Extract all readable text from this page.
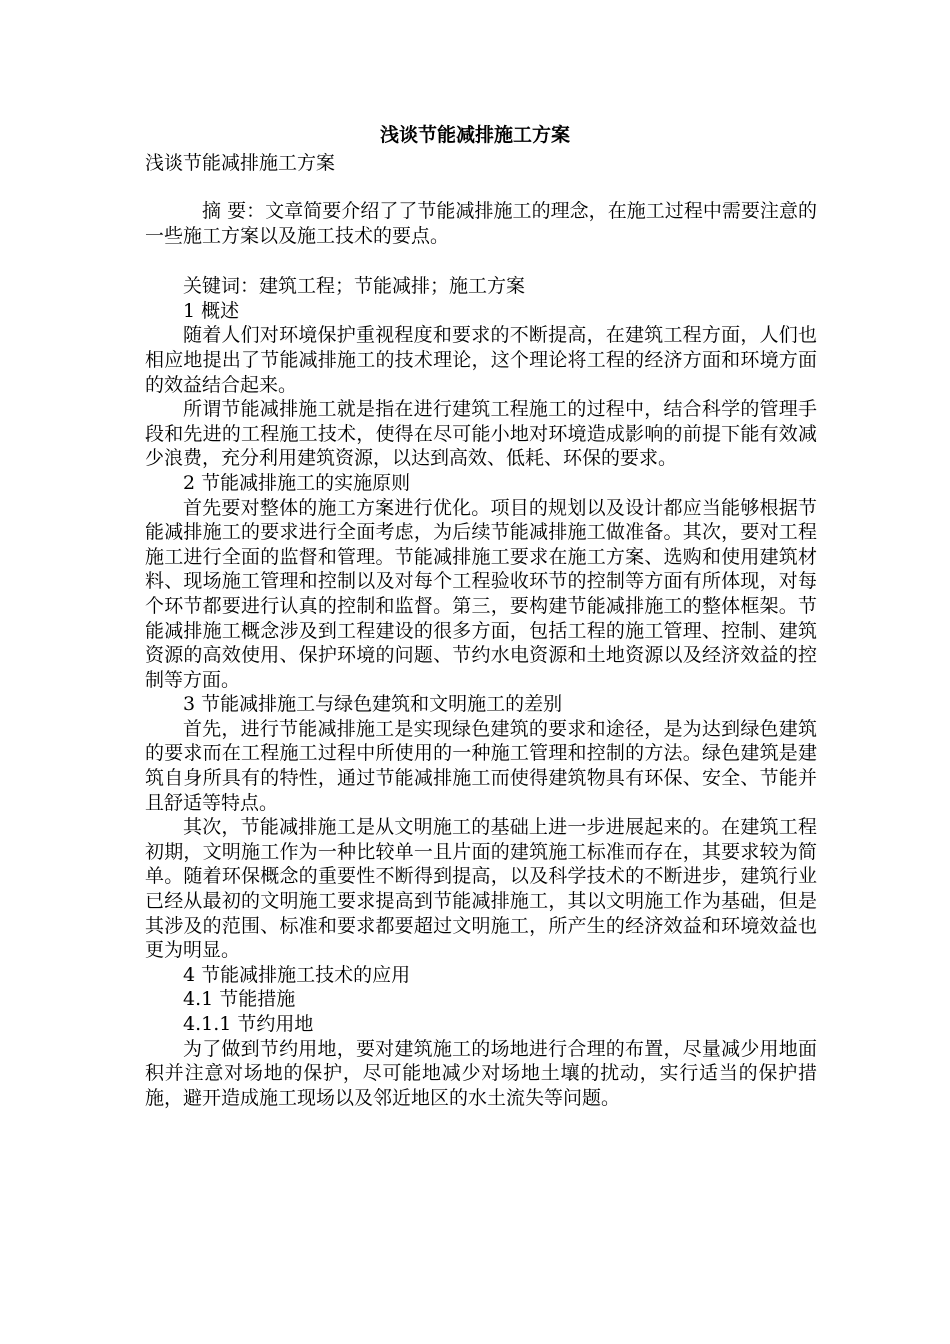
浅谈节能减排施工方案
浅谈节能减排施工方案

摘 要：文章简要介绍了了节能减排施工的理念，在施工过程中需要注意的一些施工方案以及施工技术的要点。

关键词：建筑工程；节能减排；施工方案

1 概述

随着人们对环境保护重视程度和要求的不断提高，在建筑工程方面，人们也相应地提出了节能减排施工的技术理论，这个理论将工程的经济方面和环境方面的效益结合起来。

所谓节能减排施工就是指在进行建筑工程施工的过程中，结合科学的管理手段和先进的工程施工技术，使得在尽可能小地对环境造成影响的前提下能有效减少浪费，充分利用建筑资源，以达到高效、低耗、环保的要求。

2 节能减排施工的实施原则

首先要对整体的施工方案进行优化。项目的规划以及设计都应当能够根据节能减排施工的要求进行全面考虑，为后续节能减排施工做准备。其次，要对工程施工进行全面的监督和管理。节能减排施工要求在施工方案、选购和使用建筑材料、现场施工管理和控制以及对每个工程验收环节的控制等方面有所体现，对每个环节都要进行认真的控制和监督。第三，要构建节能减排施工的整体框架。节能减排施工概念涉及到工程建设的很多方面，包括工程的施工管理、控制、建筑资源的高效使用、保护环境的问题、节约水电资源和土地资源以及经济效益的控制等方面。

3 节能减排施工与绿色建筑和文明施工的差别

首先，进行节能减排施工是实现绿色建筑的要求和途径，是为达到绿色建筑的要求而在工程施工过程中所使用的一种施工管理和控制的方法。绿色建筑是建筑自身所具有的特性，通过节能减排施工而使得建筑物具有环保、安全、节能并且舒适等特点。

其次，节能减排施工是从文明施工的基础上进一步进展起来的。在建筑工程初期，文明施工作为一种比较单一且片面的建筑施工标准而存在，其要求较为简单。随着环保概念的重要性不断得到提高，以及科学技术的不断进步，建筑行业已经从最初的文明施工要求提高到节能减排施工，其以文明施工作为基础，但是其涉及的范围、标准和要求都要超过文明施工，所产生的经济效益和环境效益也更为明显。

4 节能减排施工技术的应用

4.1 节能措施

4.1.1 节约用地

为了做到节约用地，要对建筑施工的场地进行合理的布置，尽量减少用地面积并注意对场地的保护，尽可能地减少对场地土壤的扰动，实行适当的保护措施，避开造成施工现场以及邻近地区的水土流失等问题。
